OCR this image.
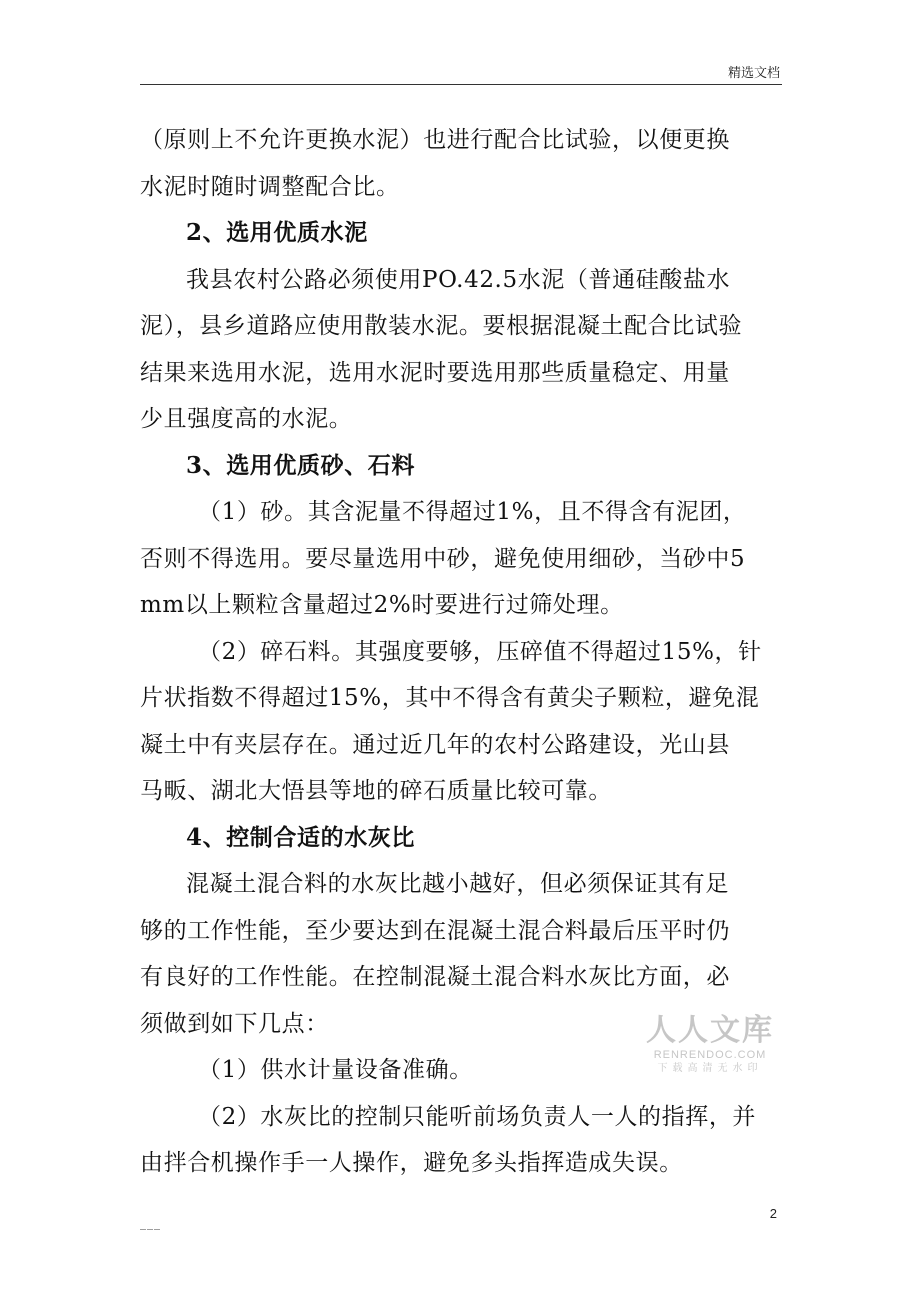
精选文档
（原则上不允许更换水泥）也进行配合比试验，以便更换
水泥时随时调整配合比。
2、选用优质水泥
我县农村公路必须使用PO.42.5水泥（普通硅酸盐水
泥），县乡道路应使用散装水泥。要根据混凝土配合比试验
结果来选用水泥，选用水泥时要选用那些质量稳定、用量
少且强度高的水泥。
3、选用优质砂、石料
（1）砂。其含泥量不得超过1%，且不得含有泥团，
否则不得选用。要尽量选用中砂，避免使用细砂，当砂中5
mm以上颗粒含量超过2%时要进行过筛处理。
（2）碎石料。其强度要够，压碎值不得超过15%，针
片状指数不得超过15%，其中不得含有黄尖子颗粒，避免混
凝土中有夹层存在。通过近几年的农村公路建设，光山县
马畈、湖北大悟县等地的碎石质量比较可靠。
4、控制合适的水灰比
混凝土混合料的水灰比越小越好，但必须保证其有足
够的工作性能，至少要达到在混凝土混合料最后压平时仍
有良好的工作性能。在控制混凝土混合料水灰比方面，必
须做到如下几点：
（1）供水计量设备准确。
（2）水灰比的控制只能听前场负责人一人的指挥，并
由拌合机操作手一人操作，避免多头指挥造成失误。
人人文库
RENRENDOC.COM
下载高清无水印
___
2
